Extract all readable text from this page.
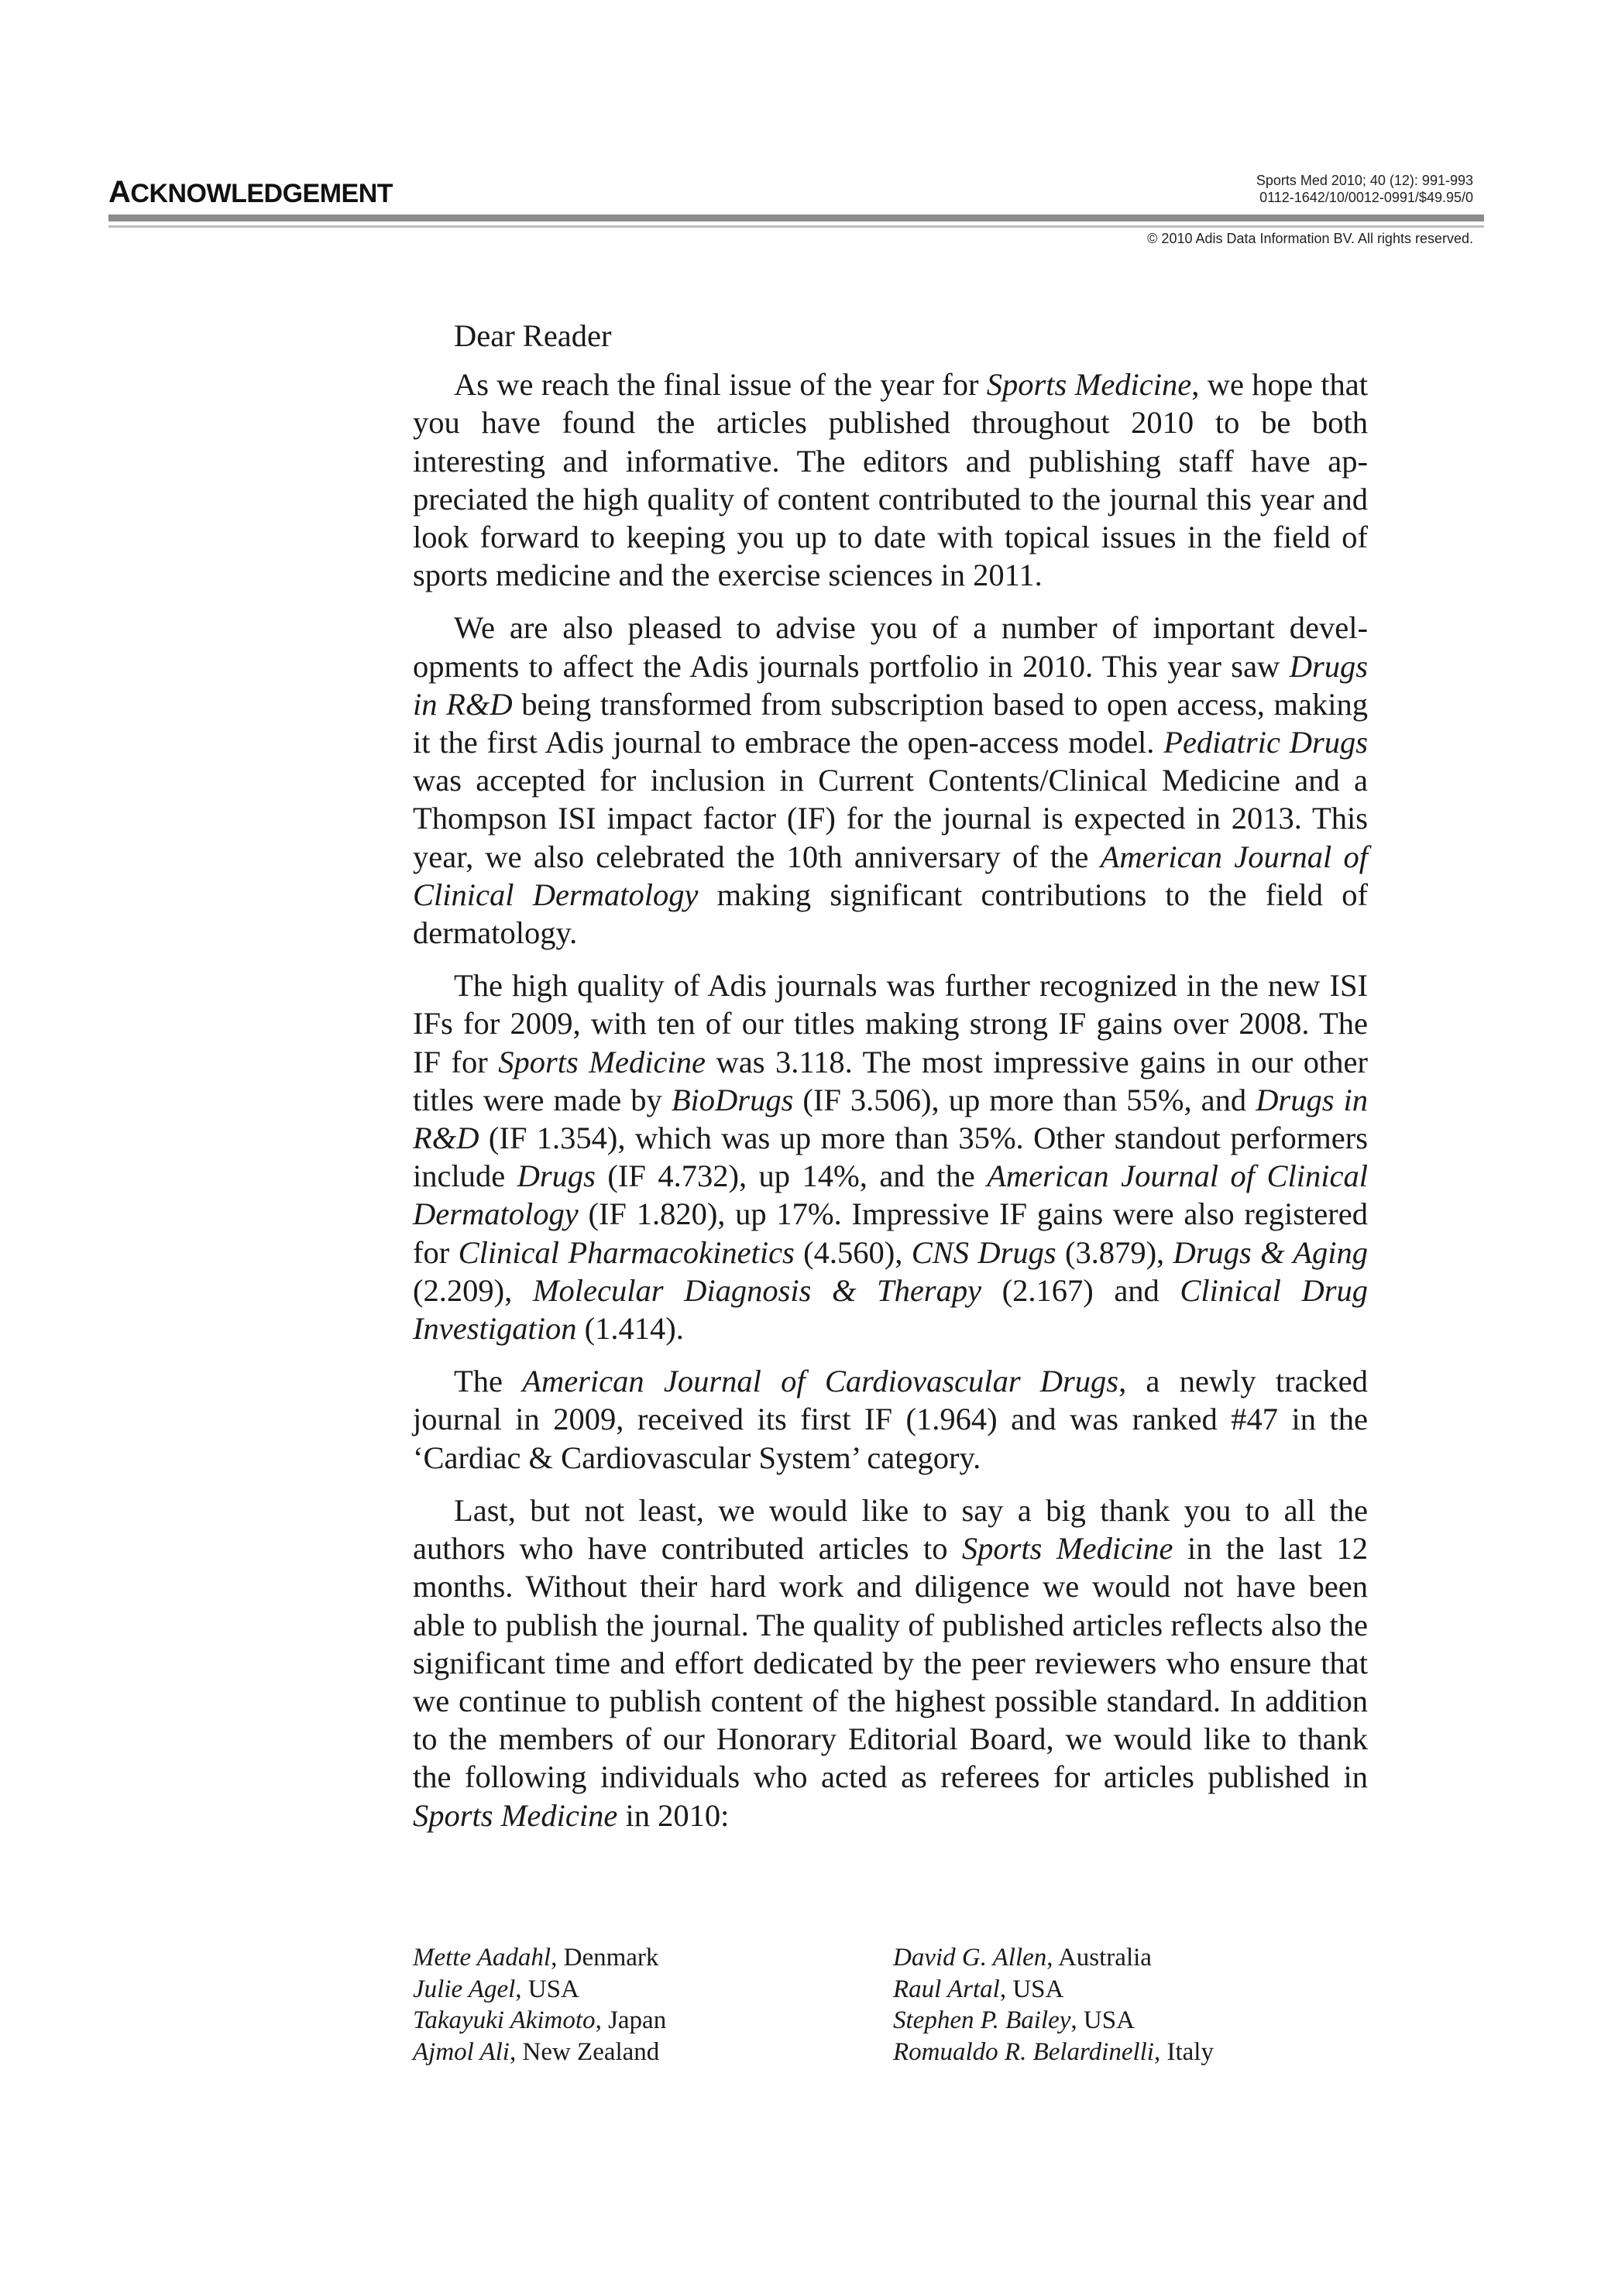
ACKNOWLEDGEMENT	Sports Med 2010; 40 (12): 991-993
0112-1642/10/0012-0991/$49.95/0
© 2010 Adis Data Information BV. All rights reserved.

Dear Reader

As we reach the final issue of the year for Sports Medicine, we hope that you have found the articles published throughout 2010 to be both interesting and informative. The editors and publishing staff have appreciated the high quality of content contributed to the journal this year and look forward to keeping you up to date with topical issues in the field of sports medicine and the exercise sciences in 2011.

We are also pleased to advise you of a number of important developments to affect the Adis journals portfolio in 2010. This year saw Drugs in R&D being transformed from subscription based to open access, making it the first Adis journal to embrace the open-access model. Pediatric Drugs was accepted for inclusion in Current Contents/Clinical Medicine and a Thompson ISI impact factor (IF) for the journal is expected in 2013. This year, we also celebrated the 10th anniversary of the American Journal of Clinical Dermatology making significant contributions to the field of dermatology.

The high quality of Adis journals was further recognized in the new ISI IFs for 2009, with ten of our titles making strong IF gains over 2008. The IF for Sports Medicine was 3.118. The most impressive gains in our other titles were made by BioDrugs (IF 3.506), up more than 55%, and Drugs in R&D (IF 1.354), which was up more than 35%. Other standout performers include Drugs (IF 4.732), up 14%, and the American Journal of Clinical Dermatology (IF 1.820), up 17%. Impressive IF gains were also registered for Clinical Pharmacokinetics (4.560), CNS Drugs (3.879), Drugs & Aging (2.209), Molecular Diagnosis & Therapy (2.167) and Clinical Drug Investigation (1.414).

The American Journal of Cardiovascular Drugs, a newly tracked journal in 2009, received its first IF (1.964) and was ranked #47 in the ‘Cardiac & Cardiovascular System’ category.

Last, but not least, we would like to say a big thank you to all the authors who have contributed articles to Sports Medicine in the last 12 months. Without their hard work and diligence we would not have been able to publish the journal. The quality of published articles reflects also the significant time and effort dedicated by the peer reviewers who ensure that we continue to publish content of the highest possible standard. In addition to the members of our Honorary Editorial Board, we would like to thank the following individuals who acted as referees for articles published in Sports Medicine in 2010:

Mette Aadahl, Denmark
Julie Agel, USA
Takayuki Akimoto, Japan
Ajmol Ali, New Zealand
David G. Allen, Australia
Raul Artal, USA
Stephen P. Bailey, USA
Romualdo R. Belardinelli, Italy
